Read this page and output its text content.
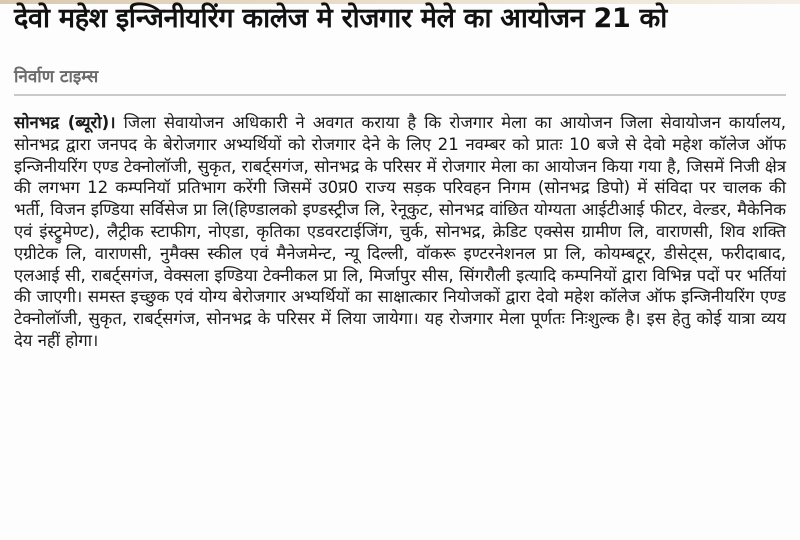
देवो महेश इन्जिनीयरिंग कालेज मे रोजगार मेले का आयोजन 21 को
निर्वाण टाइम्स

सोनभद्र (ब्यूरो)। जिला सेवायोजन अधिकारी ने अवगत कराया है कि रोजगार मेला का आयोजन जिला सेवायोजन कार्यालय, सोनभद्र द्वारा जनपद के बेरोजगार अभ्यर्थियों को रोजगार देने के लिए 21 नवम्बर को प्रातः 10 बजे से देवो महेश कॉलेज ऑफ इन्जिनीयरिंग एण्ड टेक्नोलॉजी, सुकृत, राबर्ट्सगंज, सोनभद्र के परिसर में रोजगार मेला का आयोजन किया गया है, जिसमें निजी क्षेत्र की लगभग 12 कम्पनियॉ प्रतिभाग करेंगी जिसमें उ0प्र0 राज्य सड़क परिवहन निगम (सोनभद्र डिपो) में संविदा पर चालक की भर्ती, विजन इण्डिया सर्विसेज प्रा लि(हिण्डालको इण्डस्ट्रीज लि, रेनूकुट, सोनभद्र वांछित योग्यता आईटीआई फीटर, वेल्डर, मैकेनिक एवं इंस्ट्रुमेण्ट), लैट्रीक स्टाफीग, नोएडा, कृतिका एडवरटाईजिंग, चुर्क, सोनभद्र, क्रेडिट एक्सेस ग्रामीण लि, वाराणसी, शिव शक्ति एग्रीटेक लि, वाराणसी, नुमैक्स स्कील एवं मैनेजमेन्ट, न्यू दिल्ली, वॉकरू इण्टरनेशनल प्रा लि, कोयम्बटूर, डीसेट्स, फरीदाबाद, एलआई सी, राबर्ट्सगंज, वेक्सला इण्डिया टेक्नीकल प्रा लि, मिर्जापुर सीस, सिंगरौली इत्यादि कम्पनियों द्वारा विभिन्न पदों पर भर्तियां की जाएगी। समस्त इच्छुक एवं योग्य बेरोजगार अभ्यर्थियों का साक्षात्कार नियोजकों द्वारा देवो महेश कॉलेज ऑफ इन्जिनीयरिंग एण्ड टेक्नोलॉजी, सुकृत, राबर्ट्सगंज, सोनभद्र के परिसर में लिया जायेगा। यह रोजगार मेला पूर्णतः निःशुल्क है। इस हेतु कोई यात्रा व्यय देय नहीं होगा।
